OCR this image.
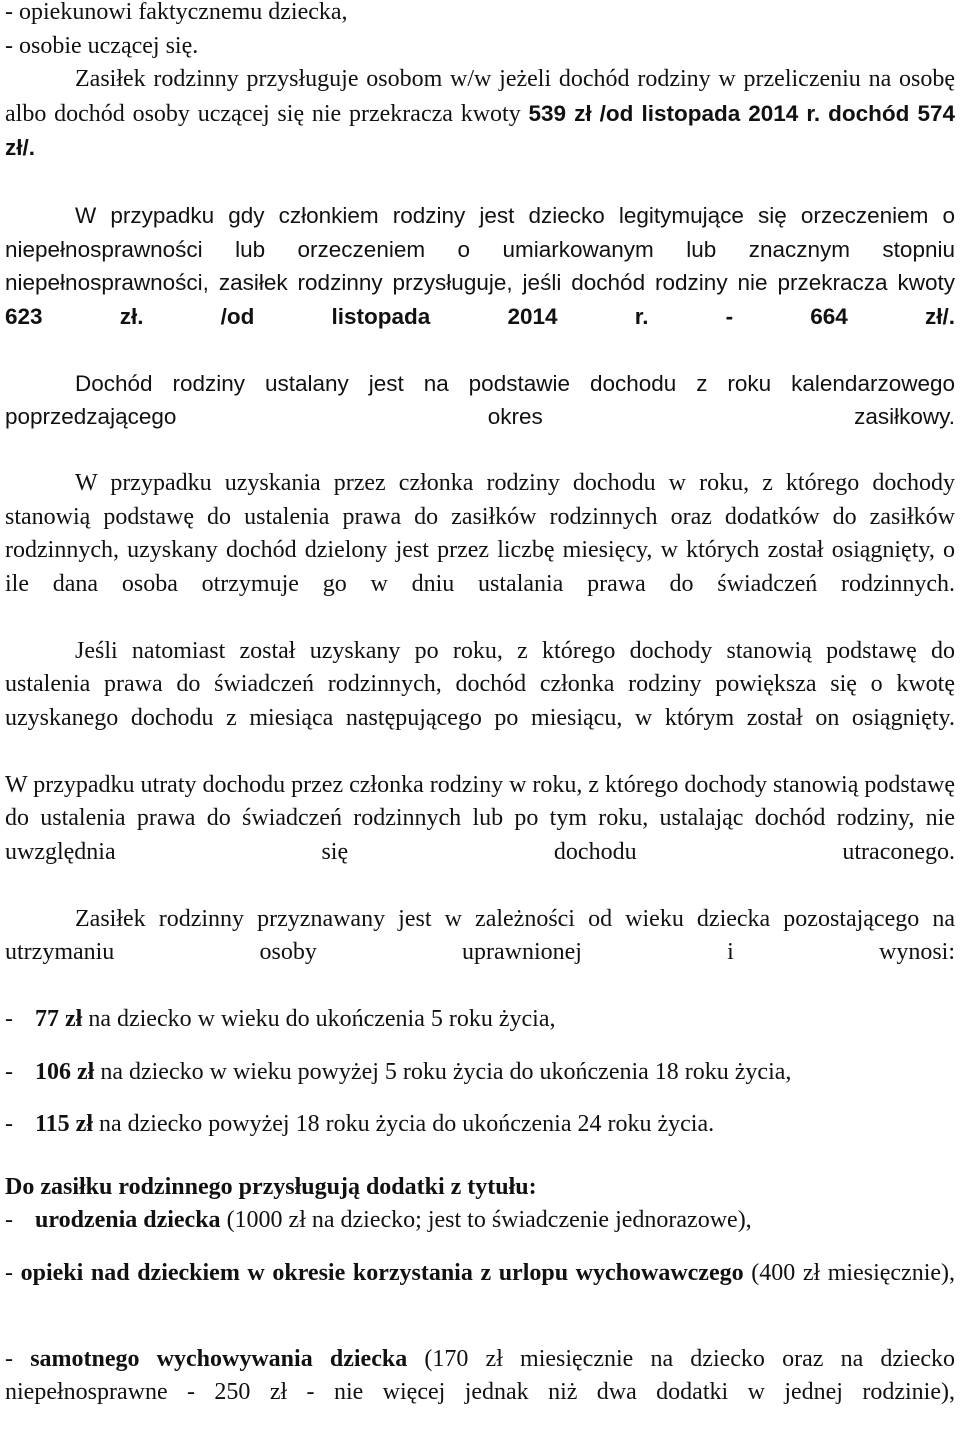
- opiekunowi faktycznemu dziecka,

- osobie uczącej się.

Zasiłek rodzinny przysługuje osobom w/w jeżeli dochód rodziny w przeliczeniu na osobę albo dochód osoby uczącej się nie przekracza kwoty 539 zł /od listopada 2014 r. dochód 574 zł/.

W przypadku gdy członkiem rodziny jest dziecko legitymujące się orzeczeniem o niepełnosprawności lub orzeczeniem o umiarkowanym lub znacznym stopniu niepełnosprawności, zasiłek rodzinny przysługuje, jeśli dochód rodziny nie przekracza kwoty 623 zł. /od listopada 2014 r. - 664 zł/.

Dochód rodziny ustalany jest na podstawie dochodu z roku kalendarzowego poprzedzającego okres zasiłkowy.

W przypadku uzyskania przez członka rodziny dochodu w roku, z którego dochody stanowią podstawę do ustalenia prawa do zasiłków rodzinnych oraz dodatków do zasiłków rodzinnych, uzyskany dochód dzielony jest przez liczbę miesięcy, w których został osiągnięty, o ile dana osoba otrzymuje go w dniu ustalania prawa do świadczeń rodzinnych.

Jeśli natomiast został uzyskany po roku, z którego dochody stanowią podstawę do ustalenia prawa do świadczeń rodzinnych, dochód członka rodziny powiększa się o kwotę uzyskanego dochodu z miesiąca następującego po miesiącu, w którym został on osiągnięty.

W przypadku utraty dochodu przez członka rodziny w roku, z którego dochody stanowią podstawę do ustalenia prawa do świadczeń rodzinnych lub po tym roku, ustalając dochód rodziny, nie uwzględnia się dochodu utraconego.

Zasiłek rodzinny przyznawany jest w zależności od wieku dziecka pozostającego na utrzymaniu osoby uprawnionej i wynosi:

- 77 zł na dziecko w wieku do ukończenia 5 roku życia,
- 106 zł na dziecko w wieku powyżej 5 roku życia do ukończenia 18 roku życia,
- 115 zł na dziecko powyżej 18 roku życia do ukończenia 24 roku życia.

Do zasiłku rodzinnego przysługują dodatki z tytułu:

- urodzenia dziecka (1000 zł na dziecko; jest to świadczenie jednorazowe),

- opieki nad dzieckiem w okresie korzystania z urlopu wychowawczego (400 zł miesięcznie),

- samotnego wychowywania dziecka (170 zł miesięcznie na dziecko oraz na dziecko niepełnosprawne - 250 zł - nie więcej jednak niż dwa dodatki w jednej rodzinie),
